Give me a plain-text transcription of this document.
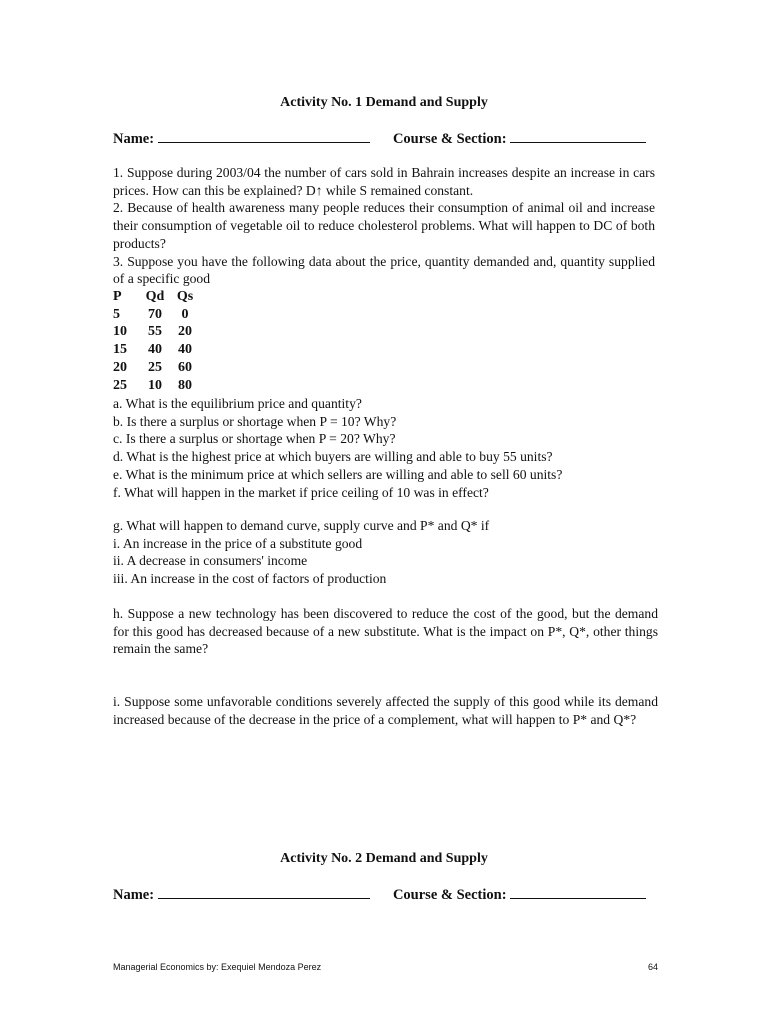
Activity No. 1 Demand and Supply
Name:	Course & Section:

1. Suppose during 2003/04 the number of cars sold in Bahrain increases despite an increase in cars prices. How can this be explained? D↑ while S remained constant.

2. Because of health awareness many people reduces their consumption of animal oil and increase their consumption of vegetable oil to reduce cholesterol problems. What will happen to DC of both products?

3. Suppose you have the following data about the price, quantity demanded and, quantity supplied of a specific good

P	Qd Qs
5	70	0
10	55	20
15	40	40
20	25	60
25	10	80

a. What is the equilibrium price and quantity?

b. Is there a surplus or shortage when P = 10? Why?

c. Is there a surplus or shortage when P = 20? Why?

d. What is the highest price at which buyers are willing and able to buy 55 units?

e. What is the minimum price at which sellers are willing and able to sell 60 units?

f. What will happen in the market if price ceiling of 10 was in effect?

g. What will happen to demand curve, supply curve and P* and Q* if

i. An increase in the price of a substitute good

ii. A decrease in consumers' income

iii. An increase in the cost of factors of production

h. Suppose a new technology has been discovered to reduce the cost of the good, but the demand for this good has decreased because of a new substitute. What is the impact on P*, Q*, other things remain the same?

i. Suppose some unfavorable conditions severely affected the supply of this good while its demand increased because of the decrease in the price of a complement, what will happen to P* and Q*?

Activity No. 2 Demand and Supply
Name:	Course & Section:
Managerial Economics by: Exequiel Mendoza Perez	64
